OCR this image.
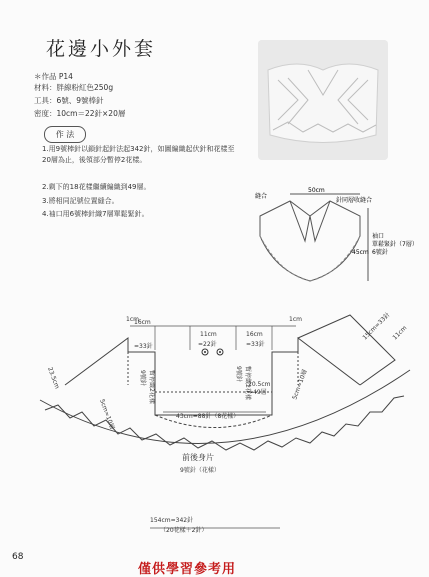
花邊小外套
＊作品 P14
材料：胖線粉紅色250g
工具：6號、9號棒針
密度：10cm＝22針×20層
作 法
1.用9號棒針以鎖針起針法起342針，如圖編織起伏針和花樣至20層為止，後領部分暫停2花樣。
2.剩下的18花樣繼續編織到49層。
3.將相同記號位置縫合。
4.袖口用6號棒針織7層單鬆緊針。
縫合
50cm
針同層收縫合
袖口
單鬆緊針（7層）
6號針
45cm
16cm
=33針
11cm
=22針
16cm
=33針
1cm	1cm
暫停織2花樣
9號針	暫停織2花樣
9號針
20.5cm
=49層
43cm=88針（8花樣）
5cm=10層
5cm=10層
23.5cm
15cm=33針 11cm
前後身片
9號針（花樣）
154cm=342針
（20花樣＋2針）
68
僅供學習參考用
